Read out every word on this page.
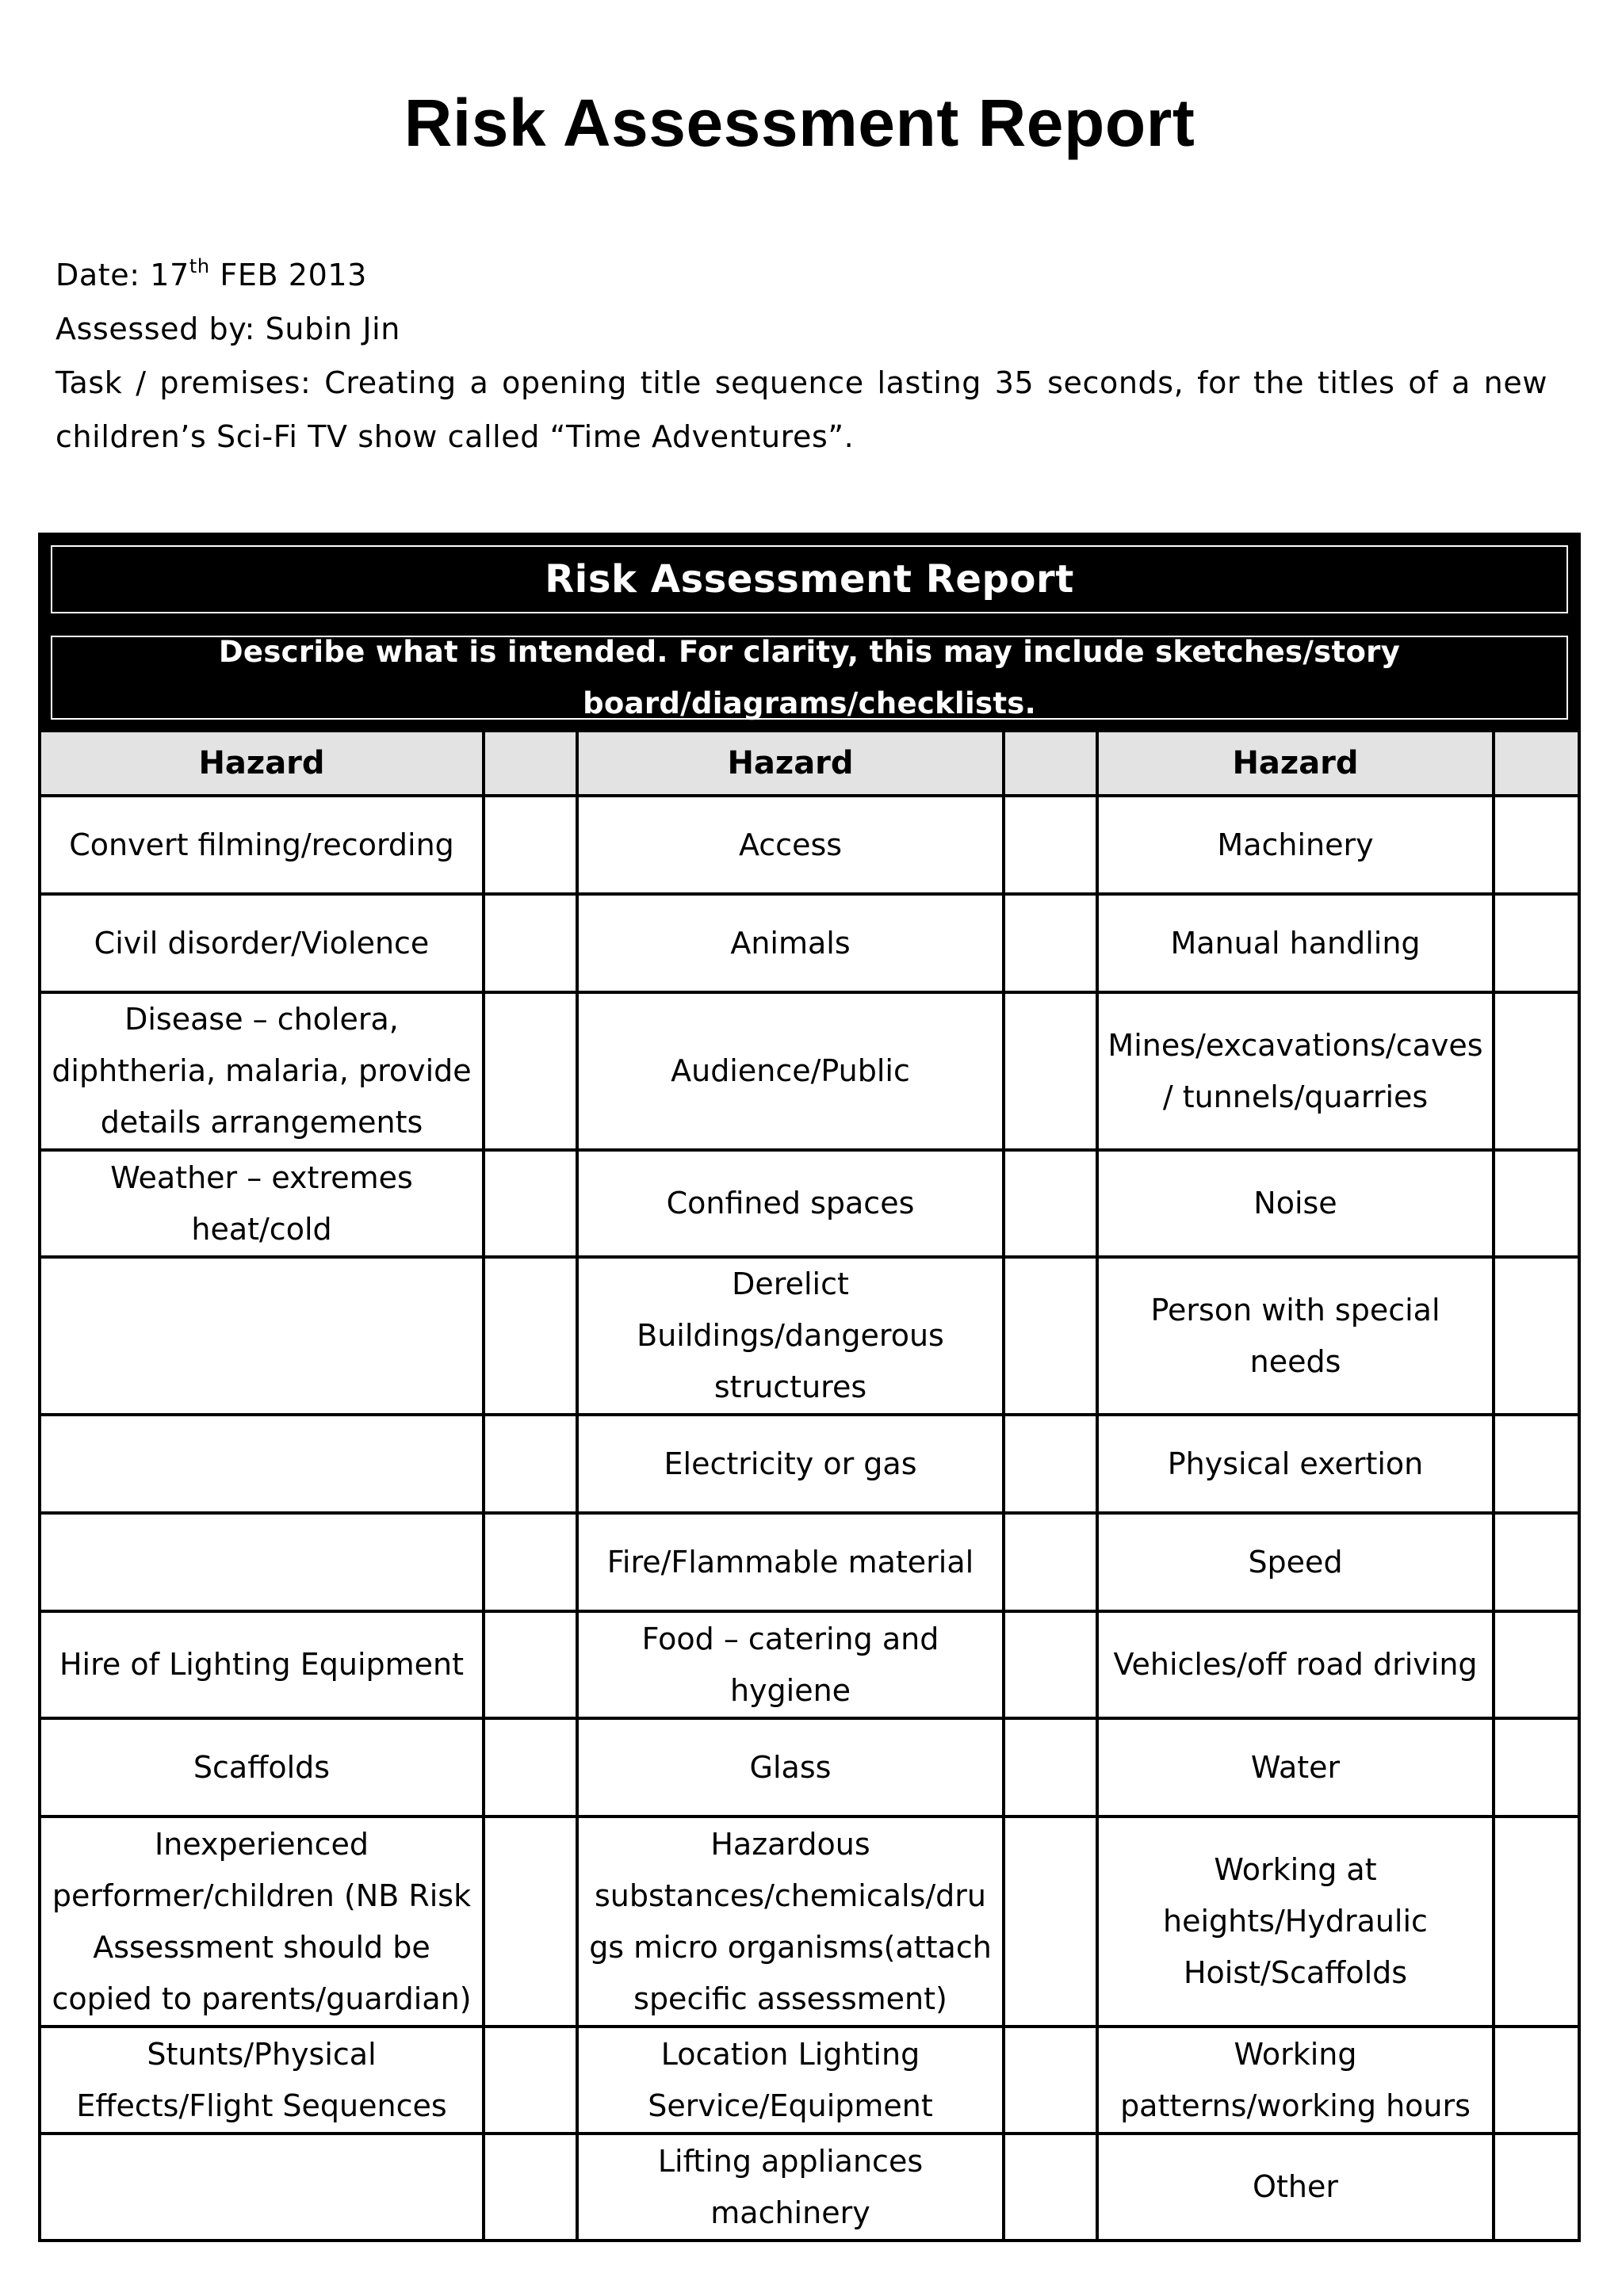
Risk Assessment Report
Date: 17th FEB 2013
Assessed by: Subin Jin
Task / premises: Creating a opening title sequence lasting 35 seconds, for the titles of a new children’s Sci-Fi TV show called “Time Adventures”.
Risk Assessment Report					
Describe what is intended. For clarity, this may include sketches/story board/diagrams/checklists.					
Hazard		Hazard		Hazard	
Convert filming/recording		Access		Machinery	
Civil disorder/Violence		Animals		Manual handling	
Disease – cholera, diphtheria, malaria, provide details arrangements		Audience/Public		Mines/excavations/caves/ tunnels/quarries	
Weather – extremes heat/cold		Confined spaces		Noise	
		Derelict Buildings/dangerous structures		Person with special needs	
		Electricity or gas		Physical exertion	
		Fire/Flammable material		Speed	
Hire of Lighting Equipment		Food – catering and hygiene		Vehicles/off road driving	
Scaffolds		Glass		Water	
Inexperienced performer/children (NB Risk Assessment should be copied to parents/guardian)		Hazardous substances/chemicals/drugs micro organisms(attach specific assessment)		Working at heights/Hydraulic Hoist/Scaffolds	
Stunts/Physical Effects/Flight Sequences		Location Lighting Service/Equipment		Working patterns/working hours	
		Lifting appliances machinery		Other	
